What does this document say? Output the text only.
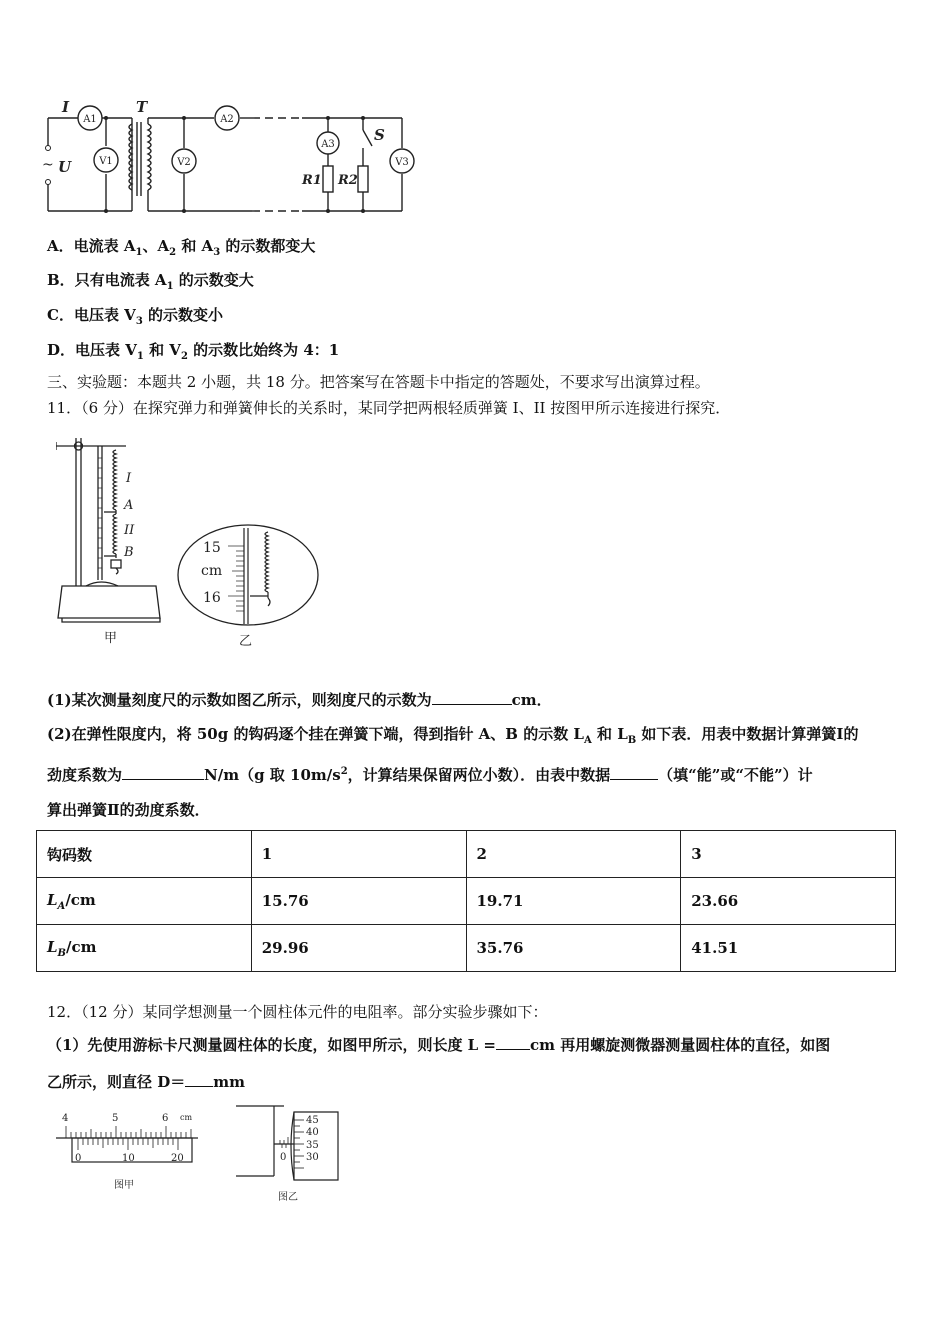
A1	A2
A3
V1	V2	V3
I
U
T
S
R1 R2
~
A．电流表 $A_1$、$A_2$ 和 $A_3$ 的示数都变大
B．只有电流表 $A_1$ 的示数变大
C．电压表 $V_3$ 的示数变小
D．电压表 $V_1$ 和 $V_2$ 的示数比始终为 4：1
三、实验题：本题共 2 小题，共 18 分。把答案写在答题卡中指定的答题处，不要求写出演算过程。
11．（6 分）在探究弹力和弹簧伸长的关系时，某同学把两根轻质弹簧 I、II 按图甲所示连接进行探究．
I
A
II
B
甲
15
cm
16
乙
(1)某次测量刻度尺的示数如图乙所示，则刻度尺的示数为	cm．
(2)在弹性限度内，将 50g 的钩码逐个挂在弹簧下端，得到指针 A、B 的示数 $L_A$ 和 $L_B$ 如下表．用表中数据计算弹簧Ⅰ的
劲度系数为	N/m（g 取 $10m/s^2$，计算结果保留两位小数）．由表中数据	（填“能”或“不能”）计
算出弹簧Ⅱ的劲度系数．
钩码数	1	2	3
$L_A/cm$	15.76	19.71	23.66
$L_B/cm$	29.96	35.76	41.51
12．（12 分）某同学想测量一个圆柱体元件的电阻率。部分实验步骤如下：
（1）先使用游标卡尺测量圆柱体的长度，如图甲所示，则长度 L = cm 再用螺旋测微器测量圆柱体的直径，如图
乙所示，则直径 D＝ mm
4	5	6 cm
0	10	20
图甲
45
40
35
30
0
图乙
